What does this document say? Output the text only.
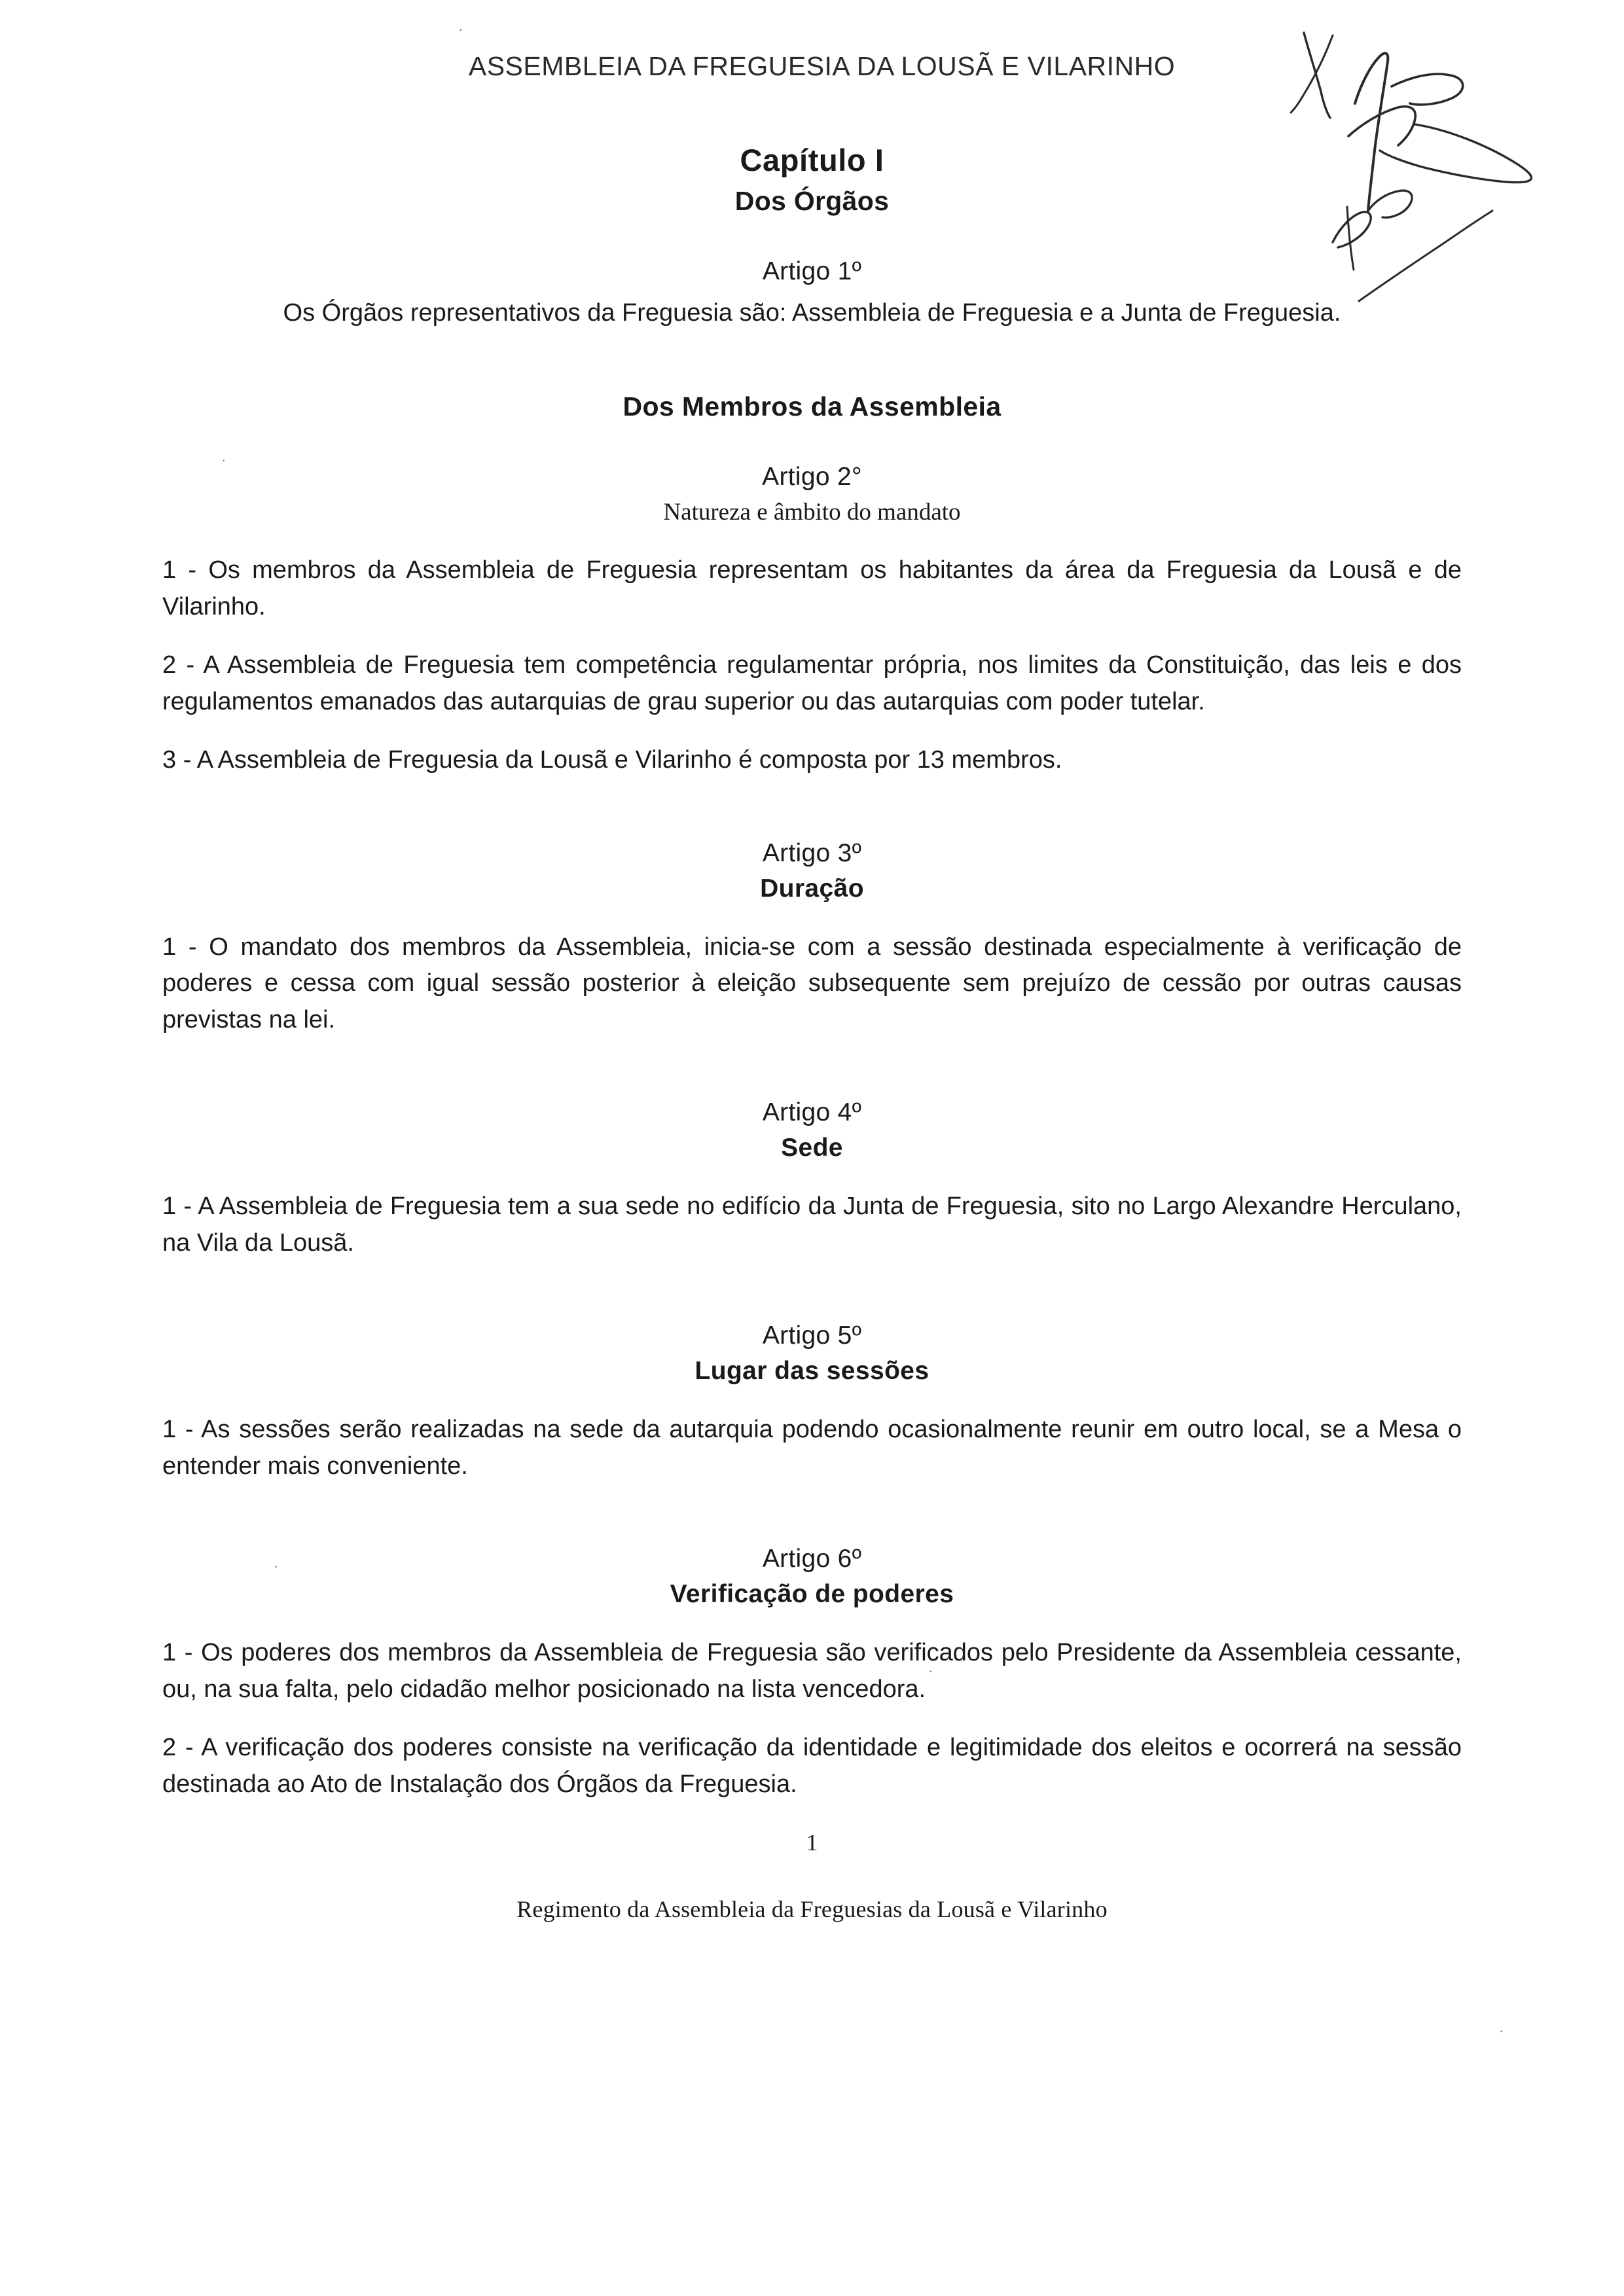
ASSEMBLEIA DA FREGUESIA DA LOUSÃ E VILARINHO
Capítulo I
Dos Órgãos
Artigo 1º

Os Órgãos representativos da Freguesia são: Assembleia de Freguesia e a Junta de Freguesia.

Dos Membros da Assembleia
Artigo 2°
Natureza e âmbito do mandato

1 - Os membros da Assembleia de Freguesia representam os habitantes da área da Freguesia da Lousã e de Vilarinho.

2 - A Assembleia de Freguesia tem competência regulamentar própria, nos limites da Constituição, das leis e dos regulamentos emanados das autarquias de grau superior ou das autarquias com poder tutelar.

3 - A Assembleia de Freguesia da Lousã e Vilarinho é composta por 13 membros.

Artigo 3º
Duração

1 - O mandato dos membros da Assembleia, inicia-se com a sessão destinada especialmente à verificação de poderes e cessa com igual sessão posterior à eleição subsequente sem prejuízo de cessão por outras causas previstas na lei.

Artigo 4º
Sede

1 - A Assembleia de Freguesia tem a sua sede no edifício da Junta de Freguesia, sito no Largo Alexandre Herculano, na Vila da Lousã.

Artigo 5º
Lugar das sessões

1 - As sessões serão realizadas na sede da autarquia podendo ocasionalmente reunir em outro local, se a Mesa o entender mais conveniente.

Artigo 6º
Verificação de poderes

1 - Os poderes dos membros da Assembleia de Freguesia são verificados pelo Presidente da Assembleia cessante, ou, na sua falta, pelo cidadão melhor posicionado na lista vencedora.

2 - A verificação dos poderes consiste na verificação da identidade e legitimidade dos eleitos e ocorrerá na sessão destinada ao Ato de Instalação dos Órgãos da Freguesia.

1
Regimento da Assembleia da Freguesias da Lousã e Vilarinho
·
·
·
·
·
